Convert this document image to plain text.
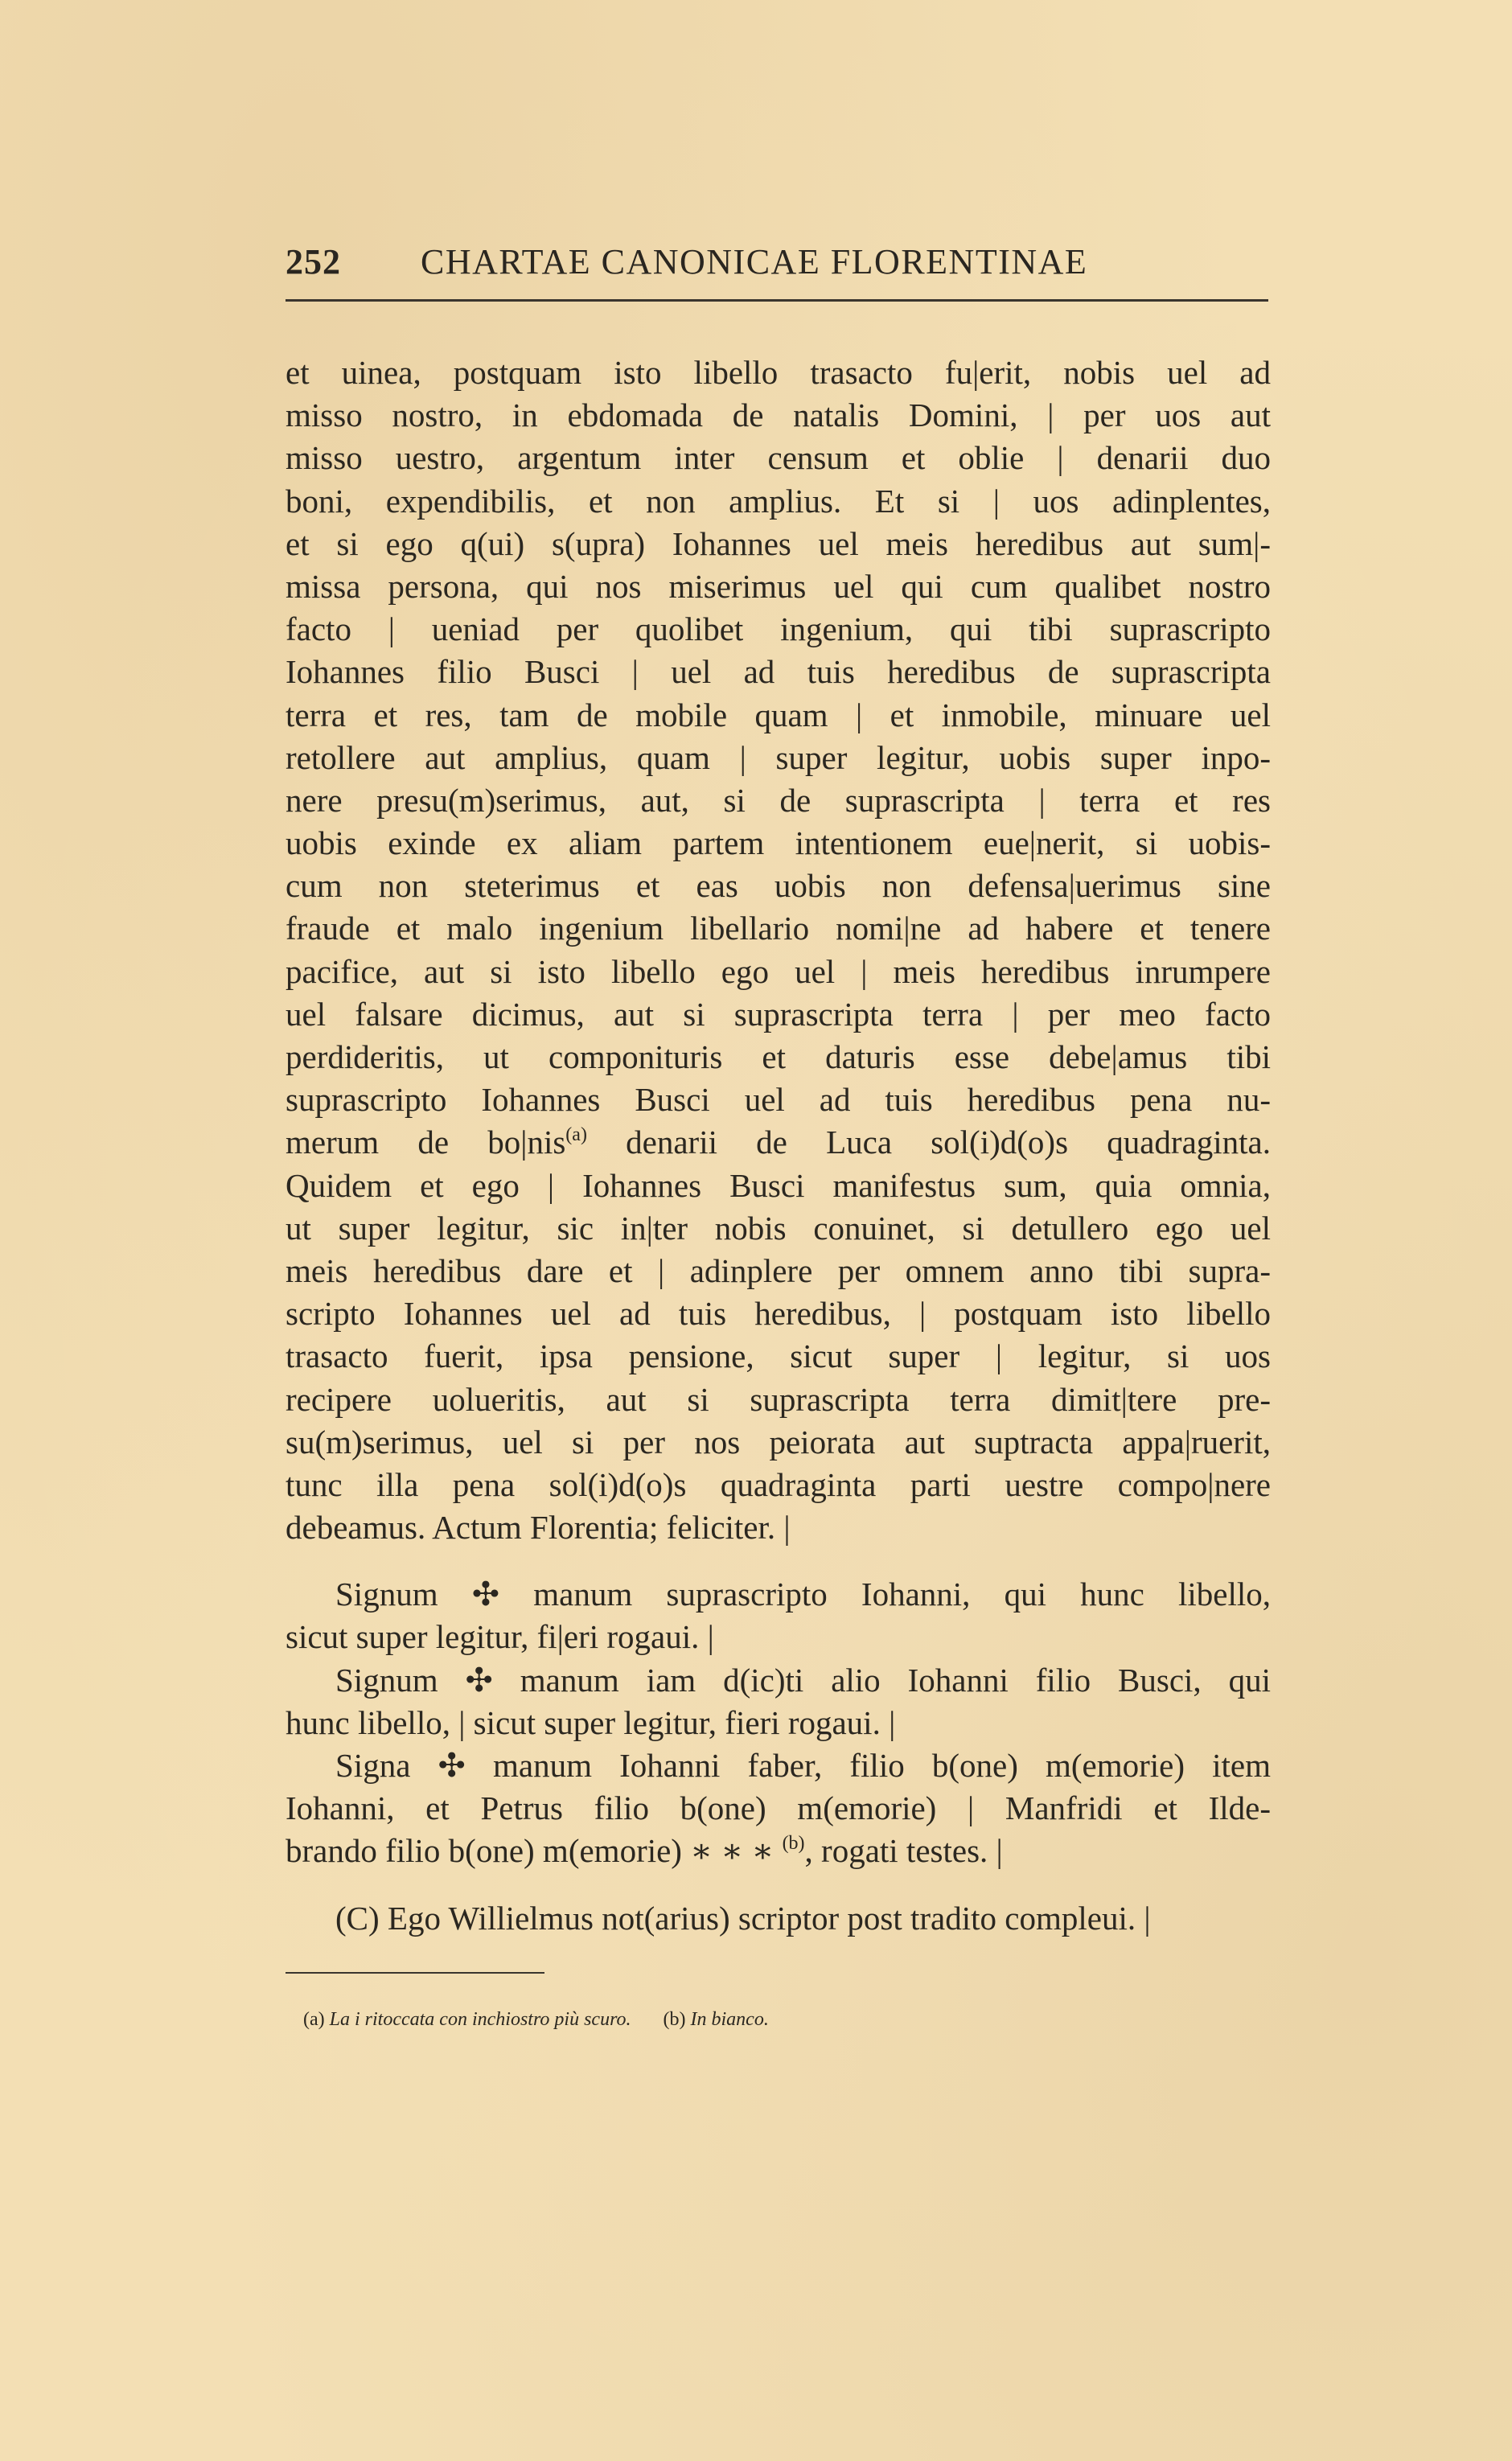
252	CHARTAE CANONICAE FLORENTINAE
et uinea, postquam isto libello trasacto fu|erit, nobis uel ad
misso nostro, in ebdomada de natalis Domini, | per uos aut
misso uestro, argentum inter censum et oblie | denarii duo
boni, expendibilis, et non amplius. Et si | uos adinplentes,
et si ego q(ui) s(upra) Iohannes uel meis heredibus aut sum|-
missa persona, qui nos miserimus uel qui cum qualibet nostro
facto | ueniad per quolibet ingenium, qui tibi suprascripto
Iohannes filio Busci | uel ad tuis heredibus de suprascripta
terra et res, tam de mobile quam | et inmobile, minuare uel
retollere aut amplius, quam | super legitur, uobis super inpo-
nere presu(m)serimus, aut, si de suprascripta | terra et res
uobis exinde ex aliam partem intentionem eue|nerit, si uobis-
cum non steterimus et eas uobis non defensa|uerimus sine
fraude et malo ingenium libellario nomi|ne ad habere et tenere
pacifice, aut si isto libello ego uel | meis heredibus inrumpere
uel falsare dicimus, aut si suprascripta terra | per meo facto
perdideritis, ut componituris et daturis esse debe|amus tibi
suprascripto Iohannes Busci uel ad tuis heredibus pena nu-
merum de bo|nis$^{(a)}$ denarii de Luca sol(i)d(o)s quadraginta.
Quidem et ego | Iohannes Busci manifestus sum, quia omnia,
ut super legitur, sic in|ter nobis conuinet, si detullero ego uel
meis heredibus dare et | adinplere per omnem anno tibi supra-
scripto Iohannes uel ad tuis heredibus, | postquam isto libello
trasacto fuerit, ipsa pensione, sicut super | legitur, si uos
recipere uolueritis, aut si suprascripta terra dimit|tere pre-
su(m)serimus, uel si per nos peiorata aut suptracta appa|ruerit,
tunc illa pena sol(i)d(o)s quadraginta parti uestre compo|nere
debeamus. Actum Florentia; feliciter. |
Signum ✣ manum suprascripto Iohanni, qui hunc libello,
sicut super legitur, fi|eri rogaui. |
Signum ✣ manum iam d(ic)ti alio Iohanni filio Busci, qui
hunc libello, | sicut super legitur, fieri rogaui. |
Signa ✣ manum Iohanni faber, filio b(one) m(emorie) item
Iohanni, et Petrus filio b(one) m(emorie) | Manfridi et Ilde-
brando filio b(one) m(emorie) ∗ ∗ ∗ $^{(b)}$, rogati testes. |
(C) Ego Willielmus not(arius) scriptor post tradito compleui. |
(a) La i ritoccata con inchiostro più scuro. (b) In bianco.
